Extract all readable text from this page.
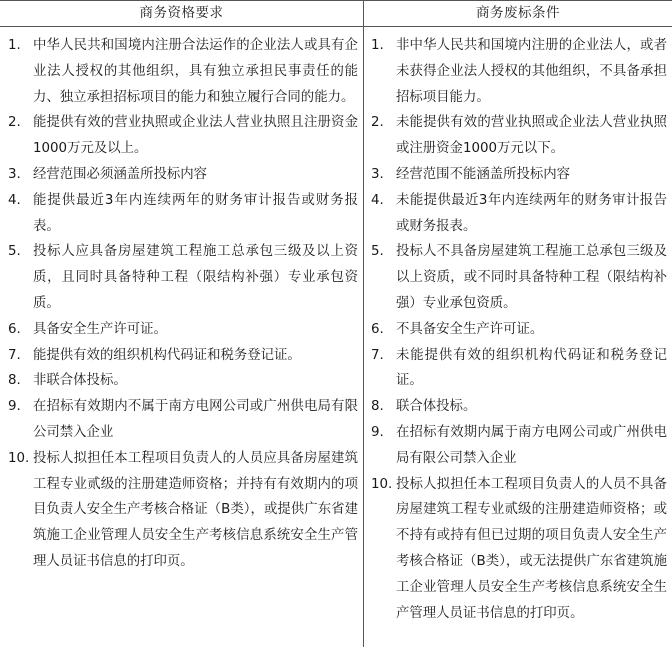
商务资格要求	商务废标条件
1. 中华人民共和国境内注册合法运作的企业法人或具有企业法人授权的其他组织，具有独立承担民事责任的能力、独立承担招标项目的能力和独立履行合同的能力。
2. 能提供有效的营业执照或企业法人营业执照且注册资金1000万元及以上。
3. 经营范围必须涵盖所投标内容
4. 能提供最近3年内连续两年的财务审计报告或财务报表。
5. 投标人应具备房屋建筑工程施工总承包三级及以上资质，且同时具备特种工程（限结构补强）专业承包资质。
6. 具备安全生产许可证。
7. 能提供有效的组织机构代码证和税务登记证。
8. 非联合体投标。
9. 在招标有效期内不属于南方电网公司或广州供电局有限公司禁入企业
10. 投标人拟担任本工程项目负责人的人员应具备房屋建筑工程专业贰级的注册建造师资格；并持有有效期内的项目负责人安全生产考核合格证（B类），或提供广东省建筑施工企业管理人员安全生产考核信息系统安全生产管理人员证书信息的打印页。
1. 非中华人民共和国境内注册的企业法人，或者未获得企业法人授权的其他组织，不具备承担招标项目能力。
2. 未能提供有效的营业执照或企业法人营业执照或注册资金1000万元以下。
3. 经营范围不能涵盖所投标内容
4. 未能提供最近3年内连续两年的财务审计报告或财务报表。
5. 投标人不具备房屋建筑工程施工总承包三级及以上资质，或不同时具备特种工程（限结构补强）专业承包资质。
6. 不具备安全生产许可证。
7. 未能提供有效的组织机构代码证和税务登记证。
8. 联合体投标。
9. 在招标有效期内属于南方电网公司或广州供电局有限公司禁入企业
10. 投标人拟担任本工程项目负责人的人员不具备房屋建筑工程专业贰级的注册建造师资格；或不持有或持有但已过期的项目负责人安全生产考核合格证（B类），或无法提供广东省建筑施工企业管理人员安全生产考核信息系统安全生产管理人员证书信息的打印页。
